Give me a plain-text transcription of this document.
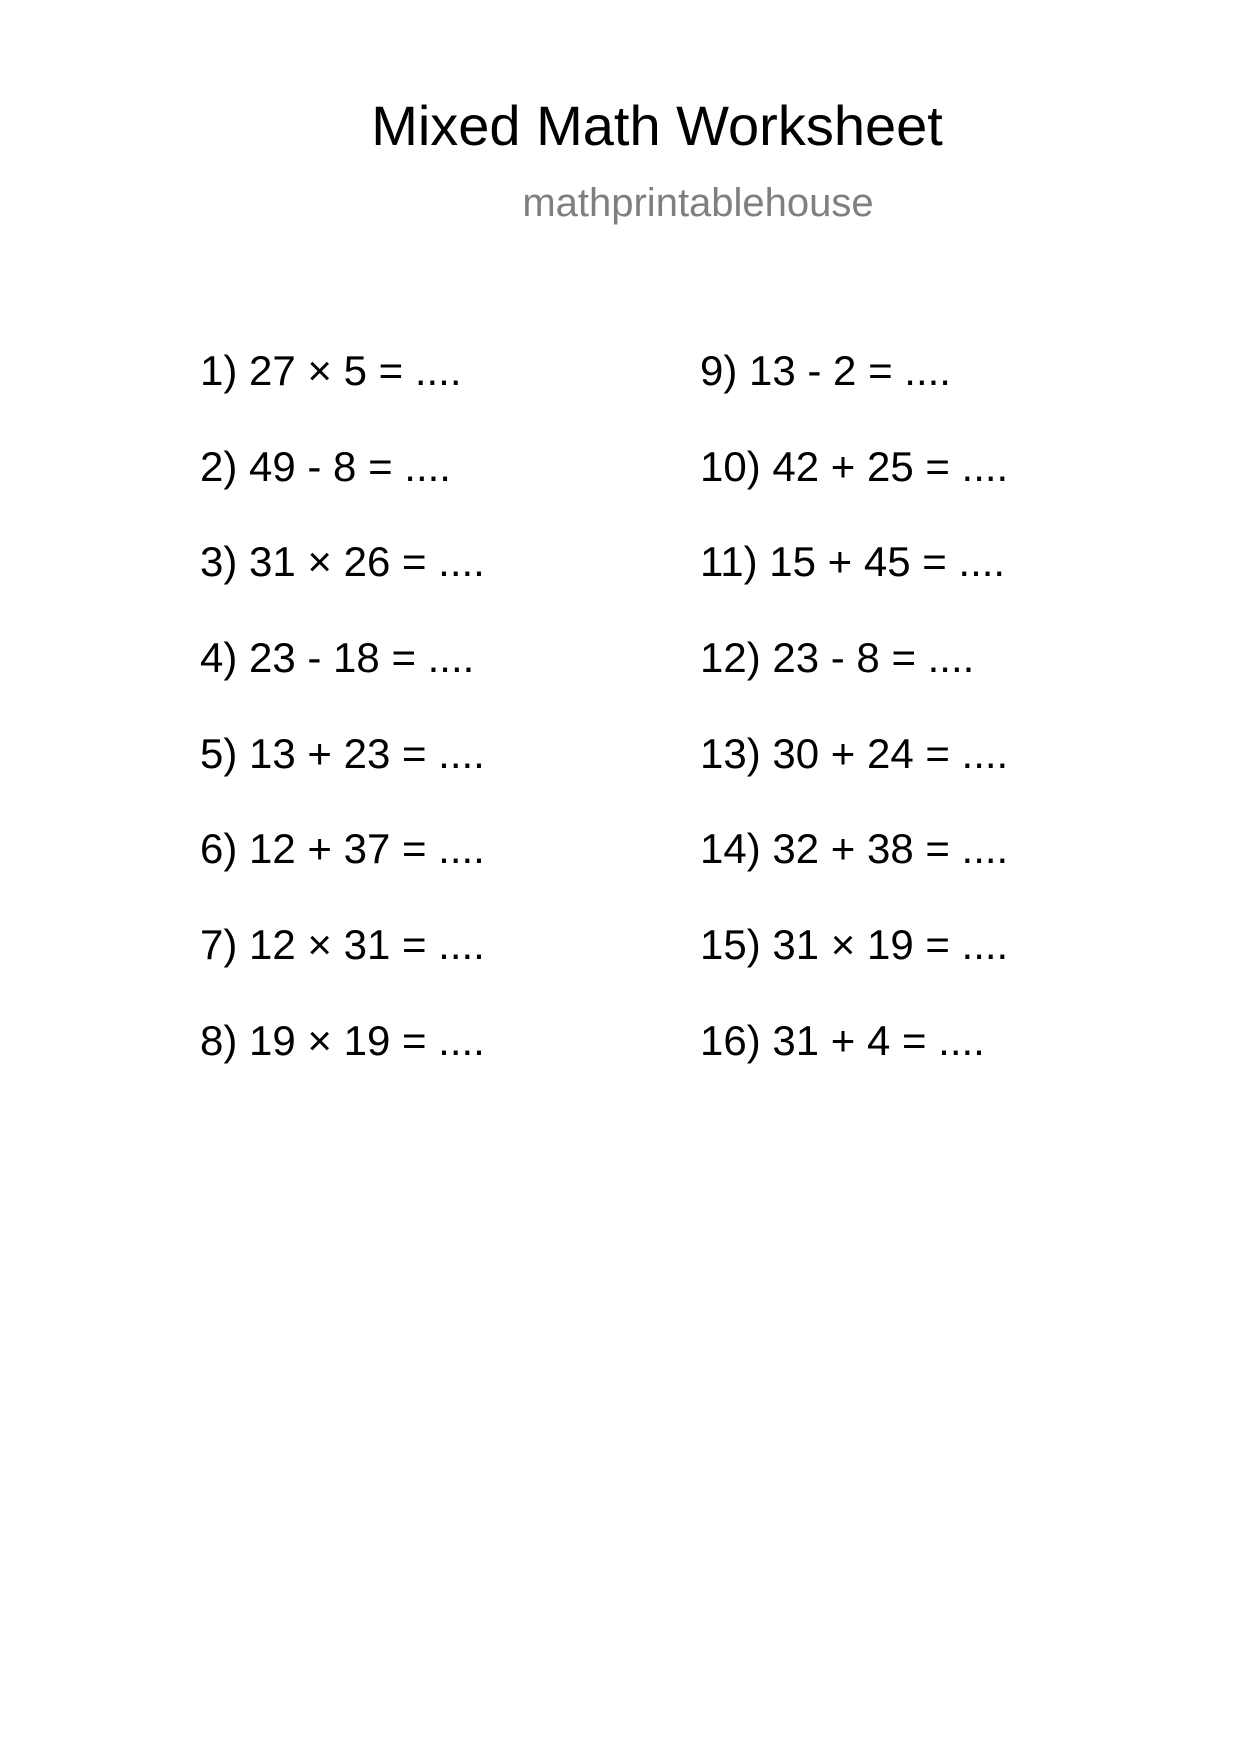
Mixed Math Worksheet
mathprintablehouse
1) 27 × 5 = ....
2) 49 - 8 = ....
3) 31 × 26 = ....
4) 23 - 18 = ....
5) 13 + 23 = ....
6) 12 + 37 = ....
7) 12 × 31 = ....
8) 19 × 19 = ....
9) 13 - 2 = ....
10) 42 + 25 = ....
11) 15 + 45 = ....
12) 23 - 8 = ....
13) 30 + 24 = ....
14) 32 + 38 = ....
15) 31 × 19 = ....
16) 31 + 4 = ....
